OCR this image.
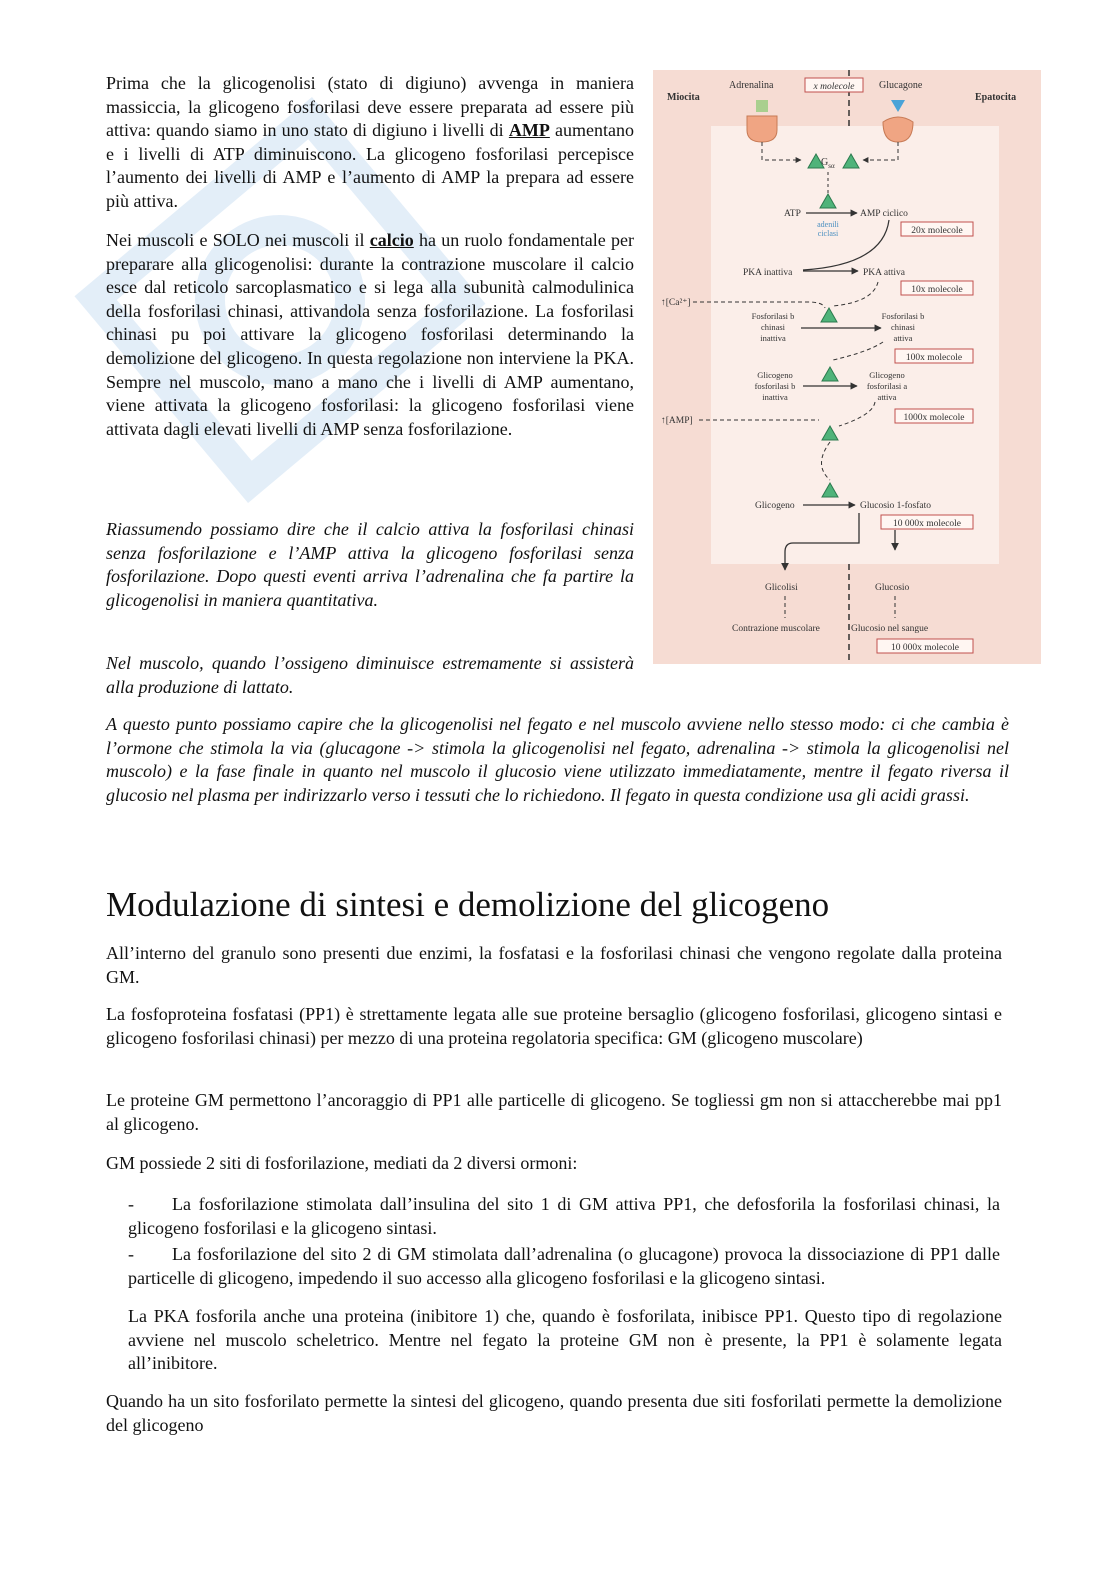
Prima che la glicogenolisi (stato di digiuno) avvenga in maniera massiccia, la glicogeno fosforilasi deve essere preparata ad essere più attiva: quando siamo in uno stato di digiuno i livelli di AMP aumentano e i livelli di ATP diminuiscono. La glicogeno fosforilasi percepisce l’aumento dei livelli di AMP e l’aumento di AMP la prepara ad essere più attiva.
Nei muscoli e SOLO nei muscoli il calcio ha un ruolo fondamentale per preparare alla glicogenolisi: durante la contrazione muscolare il calcio esce dal reticolo sarcoplasmatico e si lega alla subunità calmodulinica della fosforilasi chinasi, attivandola senza fosforilazione. La fosforilasi chinasi pu poi attivare la glicogeno fosforilasi determinando la demolizione del glicogeno. In questa regolazione non interviene la PKA. Sempre nel muscolo, mano a mano che i livelli di AMP aumentano, viene attivata la glicogeno fosforilasi: la glicogeno fosforilasi viene attivata dagli elevati livelli di AMP senza fosforilazione.
Riassumendo possiamo dire che il calcio attiva la fosforilasi chinasi senza fosforilazione e l’AMP attiva la glicogeno fosforilasi senza fosforilazione. Dopo questi eventi arriva l’adrenalina che fa partire la glicogenolisi in maniera quantitativa.
Nel muscolo, quando l’ossigeno diminuisce estremamente si assisterà alla produzione di lattato.
A questo punto possiamo capire che la glicogenolisi nel fegato e nel muscolo avviene nello stesso modo: ci che cambia è l’ormone che stimola la via (glucagone -> stimola la glicogenolisi nel fegato, adrenalina -> stimola la glicogenolisi nel muscolo) e la fase finale in quanto nel muscolo il glucosio viene utilizzato immediatamente, mentre il fegato riversa il glucosio nel plasma per indirizzarlo verso i tessuti che lo richiedono. Il fegato in questa condizione usa gli acidi grassi.
Modulazione di sintesi e demolizione del glicogeno
All’interno del granulo sono presenti due enzimi, la fosfatasi e la fosforilasi chinasi che vengono regolate dalla proteina GM.
La fosfoproteina fosfatasi (PP1) è strettamente legata alle sue proteine bersaglio (glicogeno fosforilasi, glicogeno sintasi e glicogeno fosforilasi chinasi) per mezzo di una proteina regolatoria specifica: GM (glicogeno muscolare)
Le proteine GM permettono l’ancoraggio di PP1 alle particelle di glicogeno. Se togliessi gm non si attaccherebbe mai pp1 al glicogeno.
GM possiede 2 siti di fosforilazione, mediati da 2 diversi ormoni:
-	La fosforilazione stimolata dall’insulina del sito 1 di GM attiva PP1, che defosforila la fosforilasi chinasi, la glicogeno fosforilasi e la glicogeno sintasi.
-	La fosforilazione del sito 2 di GM stimolata dall’adrenalina (o glucagone) provoca la dissociazione di PP1 dalle particelle di glicogeno, impedendo il suo accesso alla glicogeno fosforilasi e la glicogeno sintasi.
La PKA fosforila anche una proteina (inibitore 1) che, quando è fosforilata, inibisce PP1. Questo tipo di regolazione avviene nel muscolo scheletrico. Mentre nel fegato la proteine GM non è presente, la PP1 è solamente legata all’inibitore.
Quando ha un sito fosforilato permette la sintesi del glicogeno, quando presenta due siti fosforilati permette la demolizione del glicogeno
Miocita	Epatocita
Adrenalina	Glucagone
x molecole
$G_{s\alpha}$
ATP	AMP ciclico
adenili
ciclasi	20x molecole
PKA inattiva	PKA attiva
10x molecole
↑[Ca²⁺]
Fosforilasi b
chinasi
inattiva
Fosforilasi b
chinasi
attiva
100x molecole
Glicogeno
fosforilasi b
inattiva
Glicogeno
fosforilasi a
attiva
1000x molecole
↑[AMP]
Glicogeno	Glucosio 1-fosfato
10 000x molecole
Glicolisi	Glucosio
Contrazione muscolare	Glucosio nel sangue
10 000x molecole
